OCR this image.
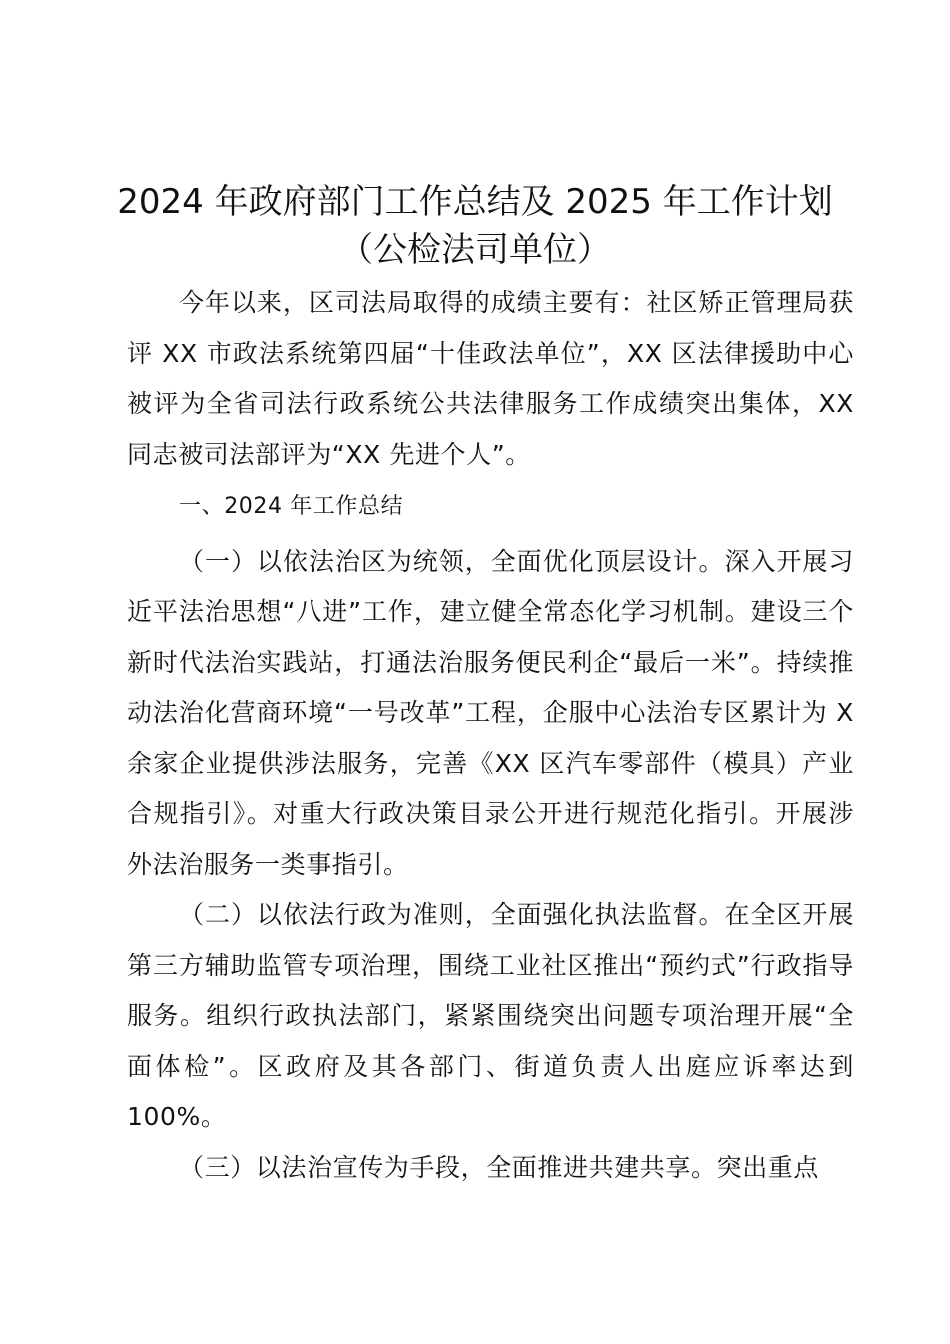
2024 年政府部门工作总结及 2025 年工作计划（公检法司单位）

今年以来，区司法局取得的成绩主要有：社区矫正管理局获评 XX 市政法系统第四届“十佳政法单位”，XX 区法律援助中心被评为全省司法行政系统公共法律服务工作成绩突出集体，XX 同志被司法部评为“XX 先进个人”。

一、2024 年工作总结

（一）以依法治区为统领，全面优化顶层设计。深入开展习近平法治思想“八进”工作，建立健全常态化学习机制。建设三个新时代法治实践站，打通法治服务便民利企“最后一米”。持续推动法治化营商环境“一号改革”工程，企服中心法治专区累计为 X 余家企业提供涉法服务，完善《XX 区汽车零部件（模具）产业合规指引》。对重大行政决策目录公开进行规范化指引。开展涉外法治服务一类事指引。

（二）以依法行政为准则，全面强化执法监督。在全区开展第三方辅助监管专项治理，围绕工业社区推出“预约式”行政指导服务。组织行政执法部门，紧紧围绕突出问题专项治理开展“全面体检”。区政府及其各部门、街道负责人出庭应诉率达到 100%。

（三）以法治宣传为手段，全面推进共建共享。突出重点
